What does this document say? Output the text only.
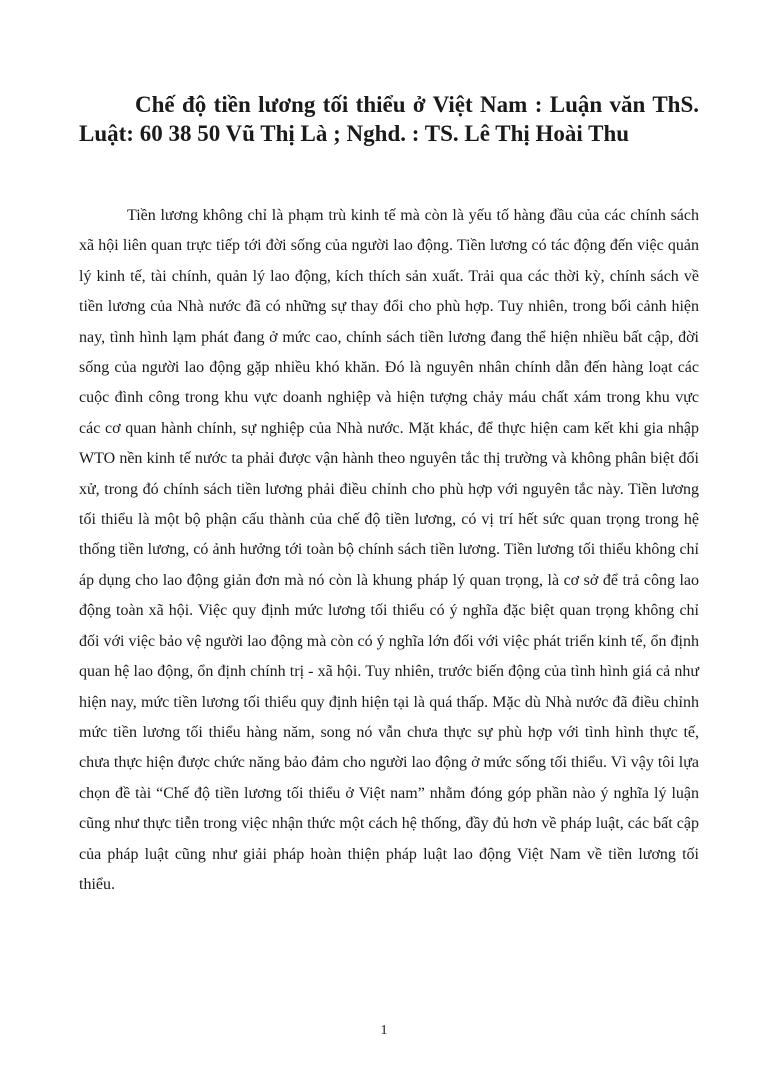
Chế độ tiền lương tối thiểu ở Việt Nam : Luận văn ThS. Luật: 60 38 50 Vũ Thị Là ; Nghd. : TS. Lê Thị Hoài Thu

Tiền lương không chỉ là phạm trù kinh tế mà còn là yếu tố hàng đầu của các chính sách xã hội liên quan trực tiếp tới đời sống của người lao động. Tiền lương có tác động đến việc quản lý kinh tế, tài chính, quản lý lao động, kích thích sản xuất. Trải qua các thời kỳ, chính sách về tiền lương của Nhà nước đã có những sự thay đổi cho phù hợp. Tuy nhiên, trong bối cảnh hiện nay, tình hình lạm phát đang ở mức cao, chính sách tiền lương đang thể hiện nhiều bất cập, đời sống của người lao động gặp nhiều khó khăn. Đó là nguyên nhân chính dẫn đến hàng loạt các cuộc đình công trong khu vực doanh nghiệp và hiện tượng chảy máu chất xám trong khu vực các cơ quan hành chính, sự nghiệp của Nhà nước. Mặt khác, để thực hiện cam kết khi gia nhập WTO nền kinh tế nước ta phải được vận hành theo nguyên tắc thị trường và không phân biệt đối xử, trong đó chính sách tiền lương phải điều chỉnh cho phù hợp với nguyên tắc này. Tiền lương tối thiểu là một bộ phận cấu thành của chế độ tiền lương, có vị trí hết sức quan trọng trong hệ thống tiền lương, có ảnh hưởng tới toàn bộ chính sách tiền lương. Tiền lương tối thiểu không chỉ áp dụng cho lao động giản đơn mà nó còn là khung pháp lý quan trọng, là cơ sở để trả công lao động toàn xã hội. Việc quy định mức lương tối thiểu có ý nghĩa đặc biệt quan trọng không chỉ đối với việc bảo vệ người lao động mà còn có ý nghĩa lớn đối với việc phát triển kinh tế, ổn định quan hệ lao động, ổn định chính trị - xã hội. Tuy nhiên, trước biến động của tình hình giá cả như hiện nay, mức tiền lương tối thiểu quy định hiện tại là quá thấp. Mặc dù Nhà nước đã điều chỉnh mức tiền lương tối thiểu hàng năm, song nó vẫn chưa thực sự phù hợp với tình hình thực tế, chưa thực hiện được chức năng bảo đảm cho người lao động ở mức sống tối thiểu. Vì vậy tôi lựa chọn đề tài “Chế độ tiền lương tối thiểu ở Việt nam” nhằm đóng góp phần nào ý nghĩa lý luận cũng như thực tiễn trong việc nhận thức một cách hệ thống, đầy đủ hơn về pháp luật, các bất cập của pháp luật cũng như giải pháp hoàn thiện pháp luật lao động Việt Nam về tiền lương tối thiểu.

1
